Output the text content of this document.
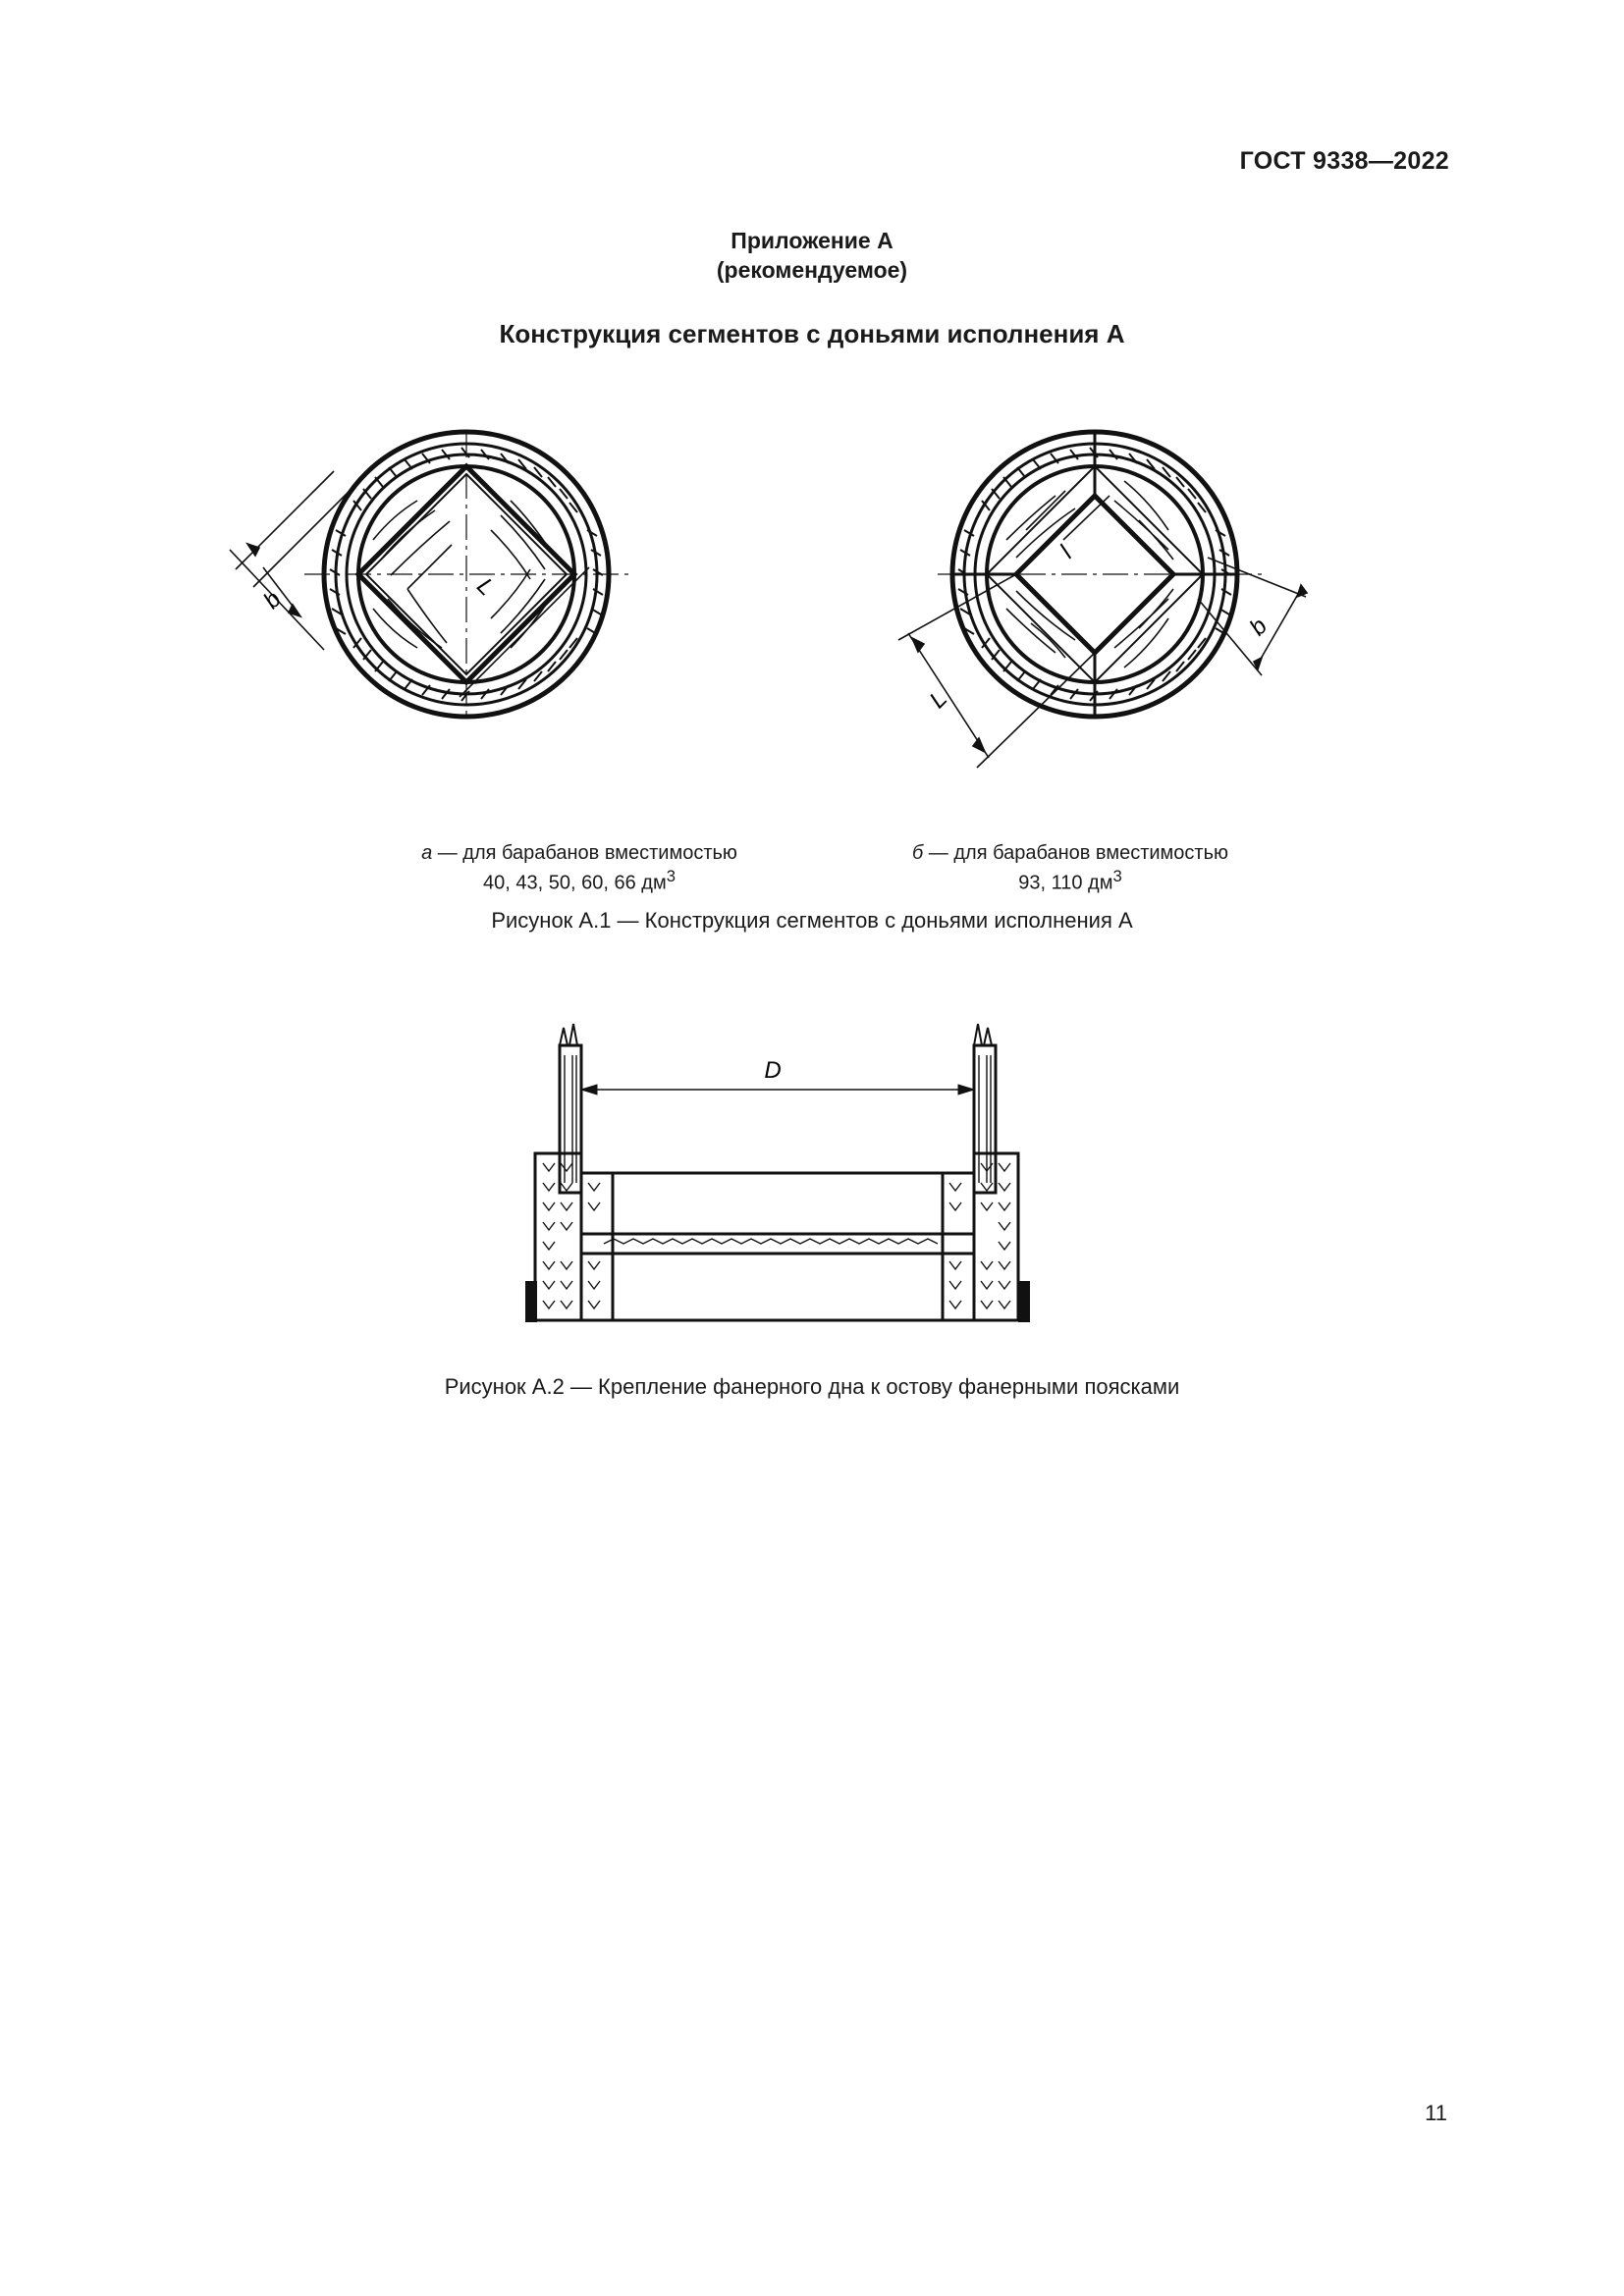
ГОСТ 9338—2022
Приложение А
(рекомендуемое)
Конструкция сегментов с доньями исполнения А
b	L
l
L
b
а — для барабанов вместимостью
40, 43, 50, 60, 66 $дм^3$
б — для барабанов вместимостью
93, 110 $дм^3$
Рисунок А.1 — Конструкция сегментов с доньями исполнения А
D
Рисунок А.2 — Крепление фанерного дна к остову фанерными поясками
11
